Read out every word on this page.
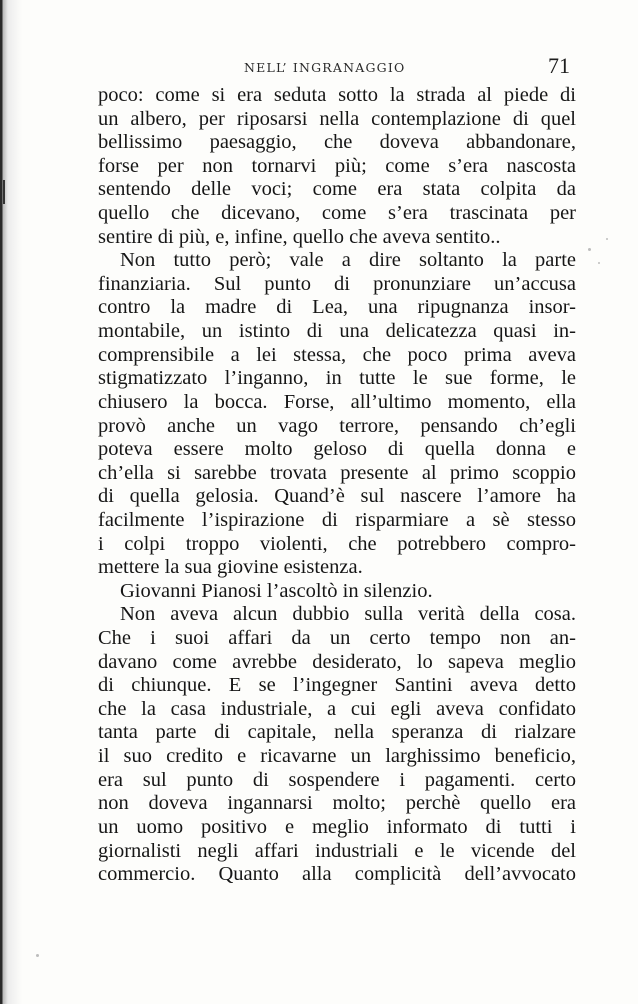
NELL’ INGRANAGGIO	71
poco: come si era seduta sotto la strada al piede di
un albero, per riposarsi nella contemplazione di quel
bellissimo paesaggio, che doveva abbandonare,
forse per non tornarvi più; come s’era nascosta
sentendo delle voci; come era stata colpita da
quello che dicevano, come s’era trascinata per
sentire di più, e, infine, quello che aveva sentito..
Non tutto però; vale a dire soltanto la parte
finanziaria. Sul punto di pronunziare un’accusa
contro la madre di Lea, una ripugnanza insor-
montabile, un istinto di una delicatezza quasi in-
comprensibile a lei stessa, che poco prima aveva
stigmatizzato l’inganno, in tutte le sue forme, le
chiusero la bocca. Forse, all’ultimo momento, ella
provò anche un vago terrore, pensando ch’egli
poteva essere molto geloso di quella donna e
ch’ella si sarebbe trovata presente al primo scoppio
di quella gelosia. Quand’è sul nascere l’amore ha
facilmente l’ispirazione di risparmiare a sè stesso
i colpi troppo violenti, che potrebbero compro-
mettere la sua giovine esistenza.
Giovanni Pianosi l’ascoltò in silenzio.
Non aveva alcun dubbio sulla verità della cosa.
Che i suoi affari da un certo tempo non an-
davano come avrebbe desiderato, lo sapeva meglio
di chiunque. E se l’ingegner Santini aveva detto
che la casa industriale, a cui egli aveva confidato
tanta parte di capitale, nella speranza di rialzare
il suo credito e ricavarne un larghissimo beneficio,
era sul punto di sospendere i pagamenti. certo
non doveva ingannarsi molto; perchè quello era
un uomo positivo e meglio informato di tutti i
giornalisti negli affari industriali e le vicende del
commercio. Quanto alla complicità dell’avvocato
